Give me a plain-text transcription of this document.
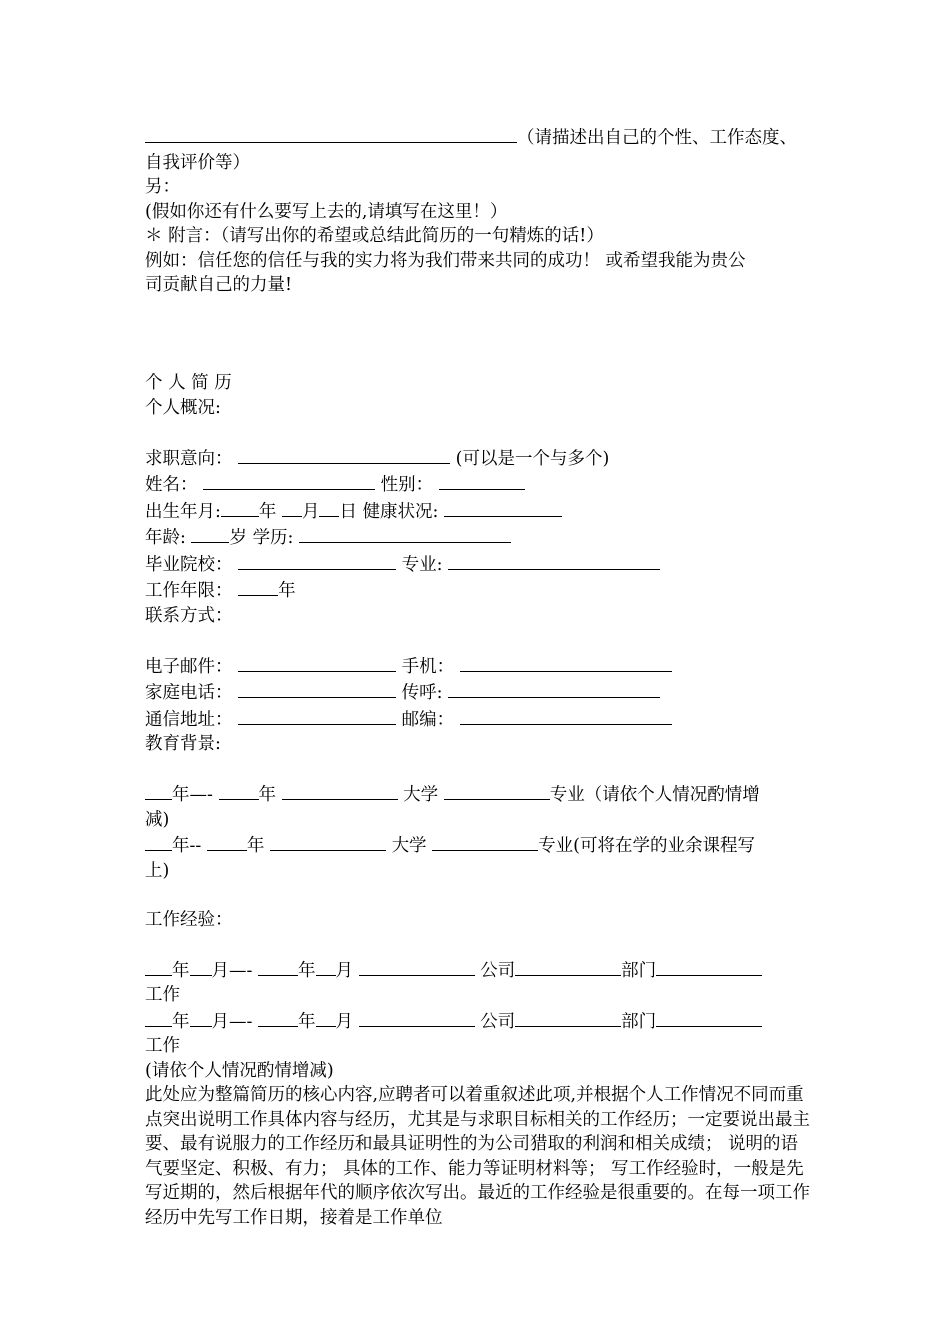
（请描述出自己的个性、工作态度、
自我评价等）
另：
(假如你还有什么要写上去的,请填写在这里！）
＊ 附言：（请写出你的希望或总结此简历的一句精炼的话!）
例如：信任您的信任与我的实力将为我们带来共同的成功！ 或希望我能为贵公
司贡献自己的力量!
个 人 简 历
个人概况:
求职意向：	(可以是一个与多个)
姓名：	性别：
出生年月: 年 月 日 健康状况:
年龄: 岁 学历:
毕业院校：	专业:
工作年限：	年
联系方式：
电子邮件：	手机：
家庭电话：	传呼:
通信地址：	邮编：
教育背景:
年—-	年	大学	专业（请依个人情况酌情增
减)
年--	年	大学	专业(可将在学的业余课程写
上)
工作经验：
年 月—-	年 月	公司	部门
工作
年 月—-	年 月	公司	部门
工作
(请依个人情况酌情增减)
此处应为整篇简历的核心内容,应聘者可以着重叙述此项,并根据个人工作情况不同而重点突出说明工作具体内容与经历，尤其是与求职目标相关的工作经历；一定要说出最主要、最有说服力的工作经历和最具证明性的为公司猎取的利润和相关成绩； 说明的语气要坚定、积极、有力； 具体的工作、能力等证明材料等； 写工作经验时，一般是先写近期的，然后根据年代的顺序依次写出。最近的工作经验是很重要的。在每一项工作经历中先写工作日期，接着是工作单位
